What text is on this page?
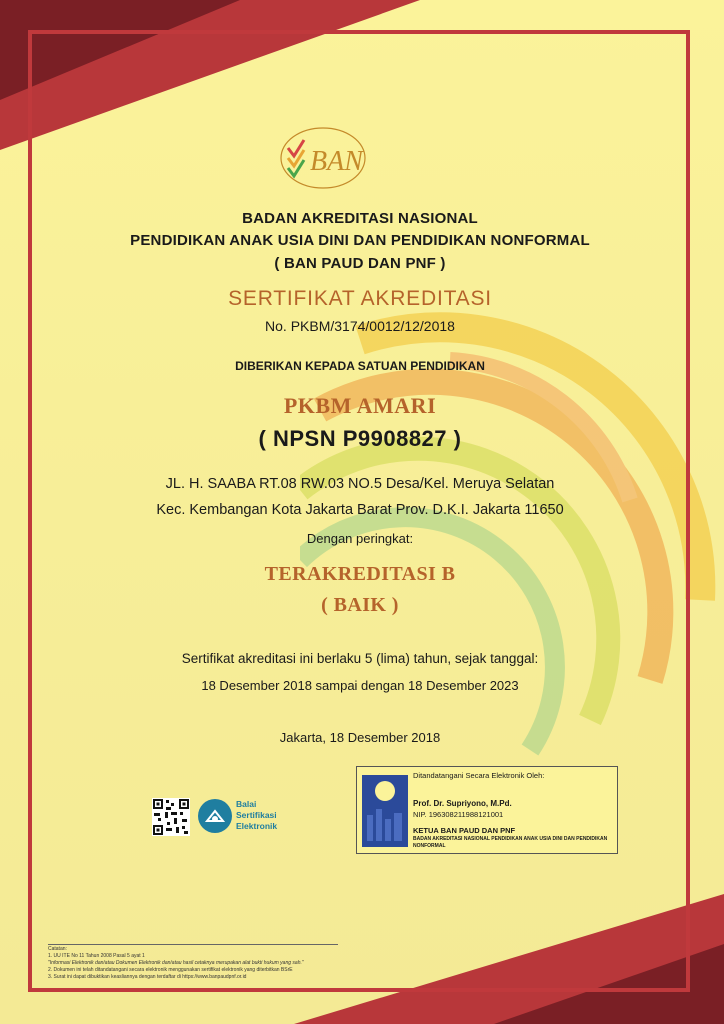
BAN
BADAN AKREDITASI NASIONAL
PENDIDIKAN ANAK USIA DINI DAN PENDIDIKAN NONFORMAL
( BAN PAUD DAN PNF )
SERTIFIKAT AKREDITASI
No. PKBM/3174/0012/12/2018
DIBERIKAN KEPADA SATUAN PENDIDIKAN
PKBM AMARI
( NPSN P9908827 )
JL. H. SAABA RT.08 RW.03 NO.5 Desa/Kel. Meruya Selatan
Kec. Kembangan Kota Jakarta Barat Prov. D.K.I. Jakarta 11650
Dengan peringkat:
TERAKREDITASI B
( BAIK )
Sertifikat akreditasi ini berlaku 5 (lima) tahun, sejak tanggal:
18 Desember 2018 sampai dengan 18 Desember 2023
Jakarta, 18 Desember 2018
Balai
Sertifikasi
Elektronik
Ditandatangani Secara Elektronik Oleh:
Prof. Dr. Supriyono, M.Pd.
NIP. 196308211988121001
KETUA BAN PAUD DAN PNF
BADAN AKREDITASI NASIONAL PENDIDIKAN ANAK USIA DINI DAN PENDIDIKAN
NONFORMAL
Catatan:
1. UU ITE No 11 Tahun 2008 Pasal 5 ayat 1
"Informasi Elektronik dan/atau Dokumen Elektronik dan/atau hasil cetaknya merupakan alat bukti hukum yang sah."
2. Dokumen ini telah ditandatangani secara elektronik menggunakan sertifikat elektronik yang diterbitkan BSrE
3. Surat ini dapat dibuktikan keasliannya dengan terdaftar di https://www.banpaudpnf.or.id
